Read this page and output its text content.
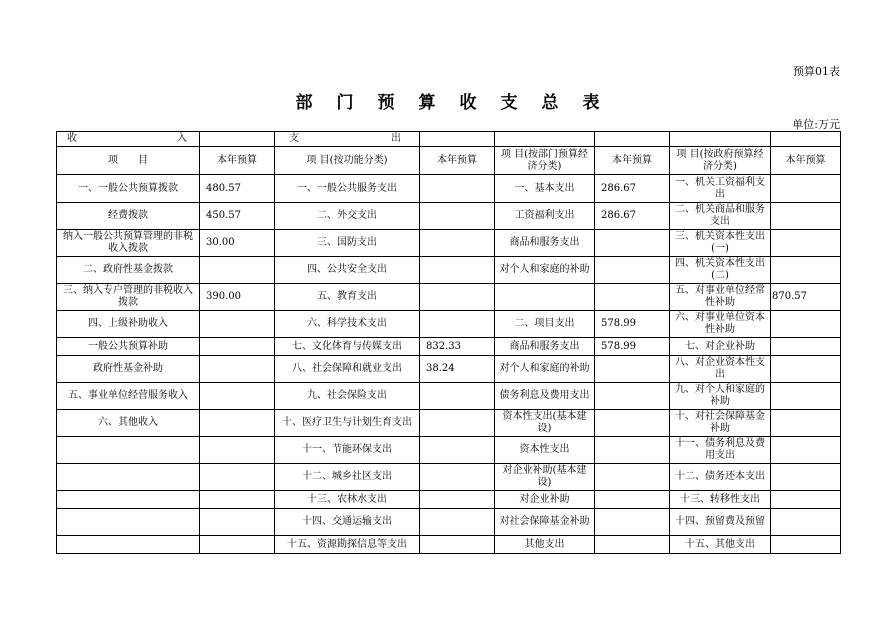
预算01表
部门预算收支总表
单位:万元
收 入		支 出					
项　　目	本年预算	项 目(按功能分类)	本年预算	项 目(按部门预算经济分类)	本年预算	项 目(按政府预算经济分类)	本年预算
一、一般公共预算拨款	480.57	一、一般公共服务支出		一、基本支出	286.67	一、机关工资福利支出	
经费拨款	450.57	二、外交支出		工资福利支出	286.67	二、机关商品和服务支出	
纳入一般公共预算管理的非税收入拨款	30.00	三、国防支出		商品和服务支出		三、机关资本性支出(一)	
二、政府性基金拨款		四、公共安全支出		对个人和家庭的补助		四、机关资本性支出(二)	
三、纳入专户管理的非税收入拨款	390.00	五、教育支出				五、对事业单位经常性补助	870.57
四、上级补助收入		六、科学技术支出		二、项目支出	578.99	六、对事业单位资本性补助	
一般公共预算补助		七、文化体育与传媒支出	832.33	商品和服务支出	578.99	七、对企业补助	
政府性基金补助		八、社会保障和就业支出	38.24	对个人和家庭的补助		八、对企业资本性支出	
五、事业单位经营服务收入		九、社会保险支出		债务利息及费用支出		九、对个人和家庭的补助	
六、其他收入		十、医疗卫生与计划生育支出		资本性支出(基本建设)		十、对社会保障基金补助	
		十一、节能环保支出		资本性支出		十一、债务利息及费用支出	
		十二、城乡社区支出		对企业补助(基本建设)		十二、债务还本支出	
		十三、农林水支出		对企业补助		十三、转移性支出	
		十四、交通运输支出		对社会保障基金补助		十四、预留费及预留	
		十五、资源勘探信息等支出		其他支出		十五、其他支出	
